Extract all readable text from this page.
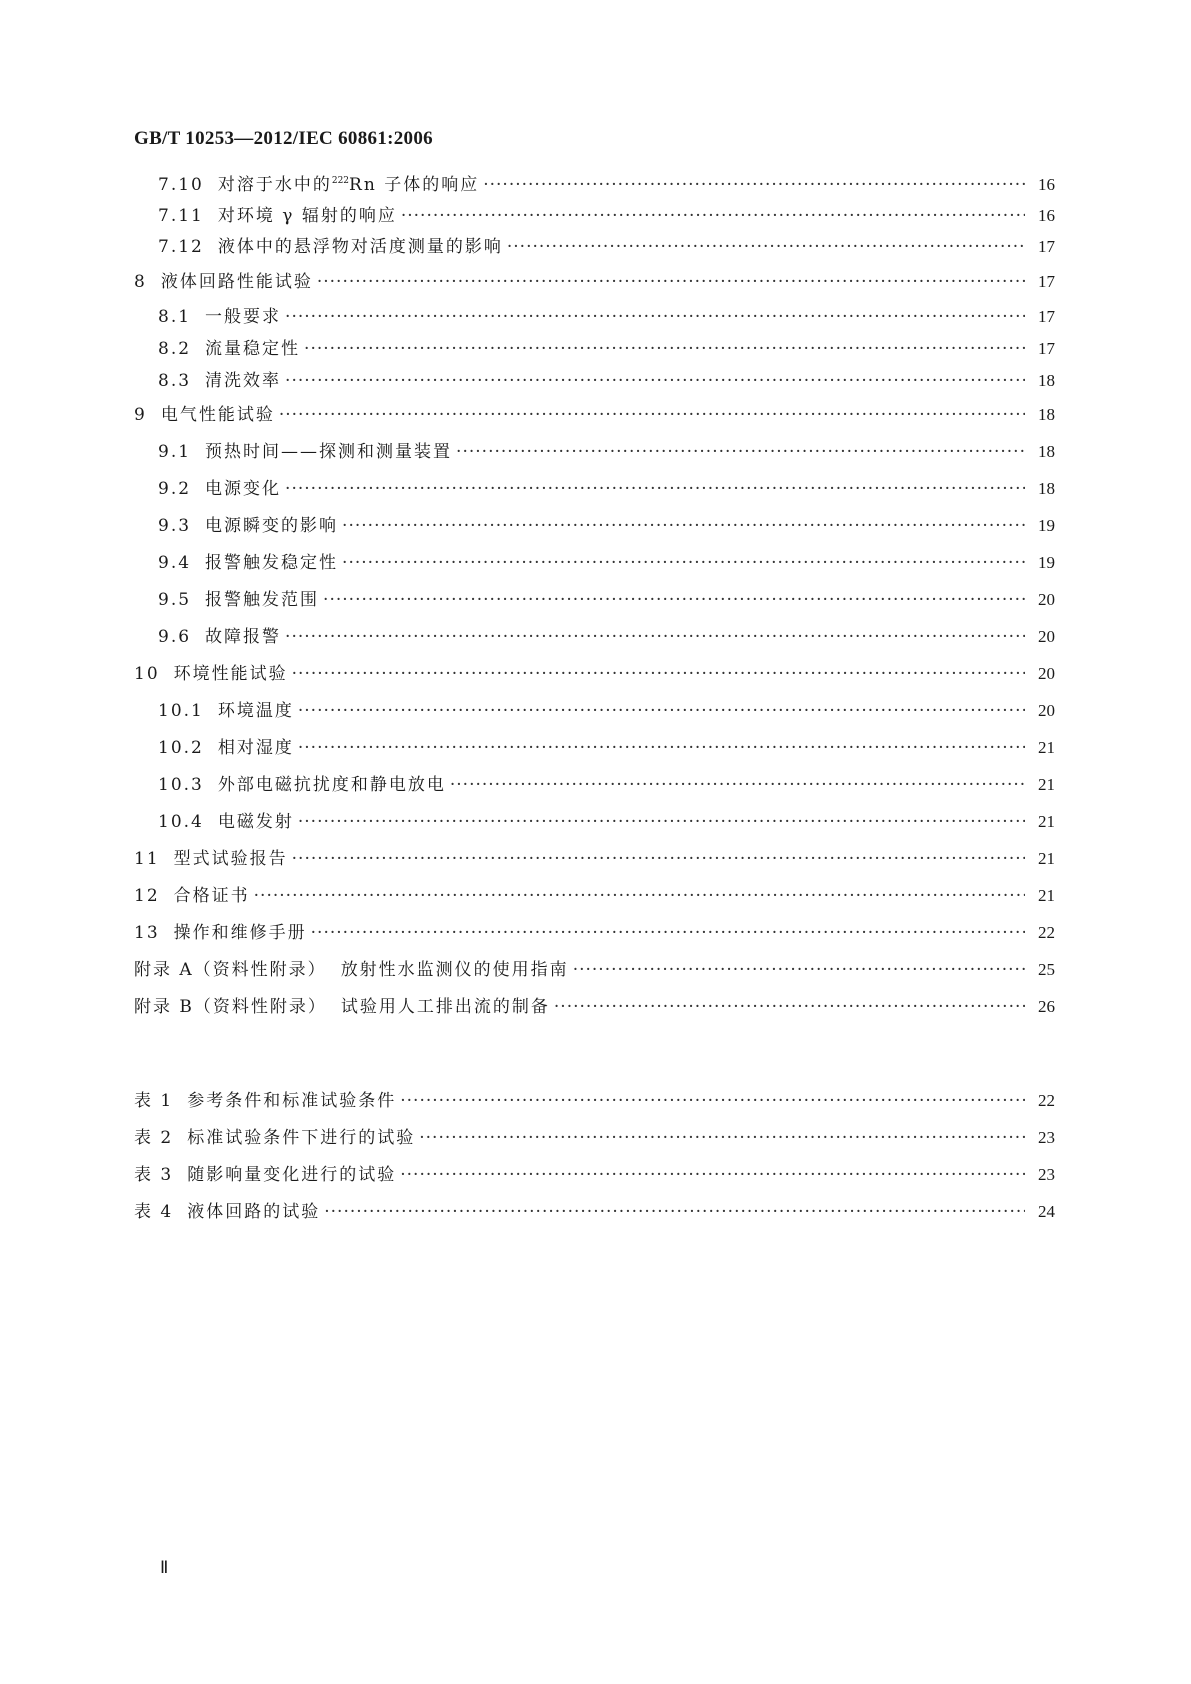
GB/T 10253—2012/IEC 60861:2006
7.10 对溶于水中的$^{222}$Rn 子体的响应 ·····	16
7.11 对环境 γ 辐射的响应 ·····	16
7.12 液体中的悬浮物对活度测量的影响 ·····	17
8 液体回路性能试验 ·····	17
8.1 一般要求 ·····	17
8.2 流量稳定性 ·····	17
8.3 清洗效率 ·····	18
9 电气性能试验 ·····	18
9.1 预热时间——探测和测量装置 ·····	18
9.2 电源变化 ·····	18
9.3 电源瞬变的影响 ·····	19
9.4 报警触发稳定性 ·····	19
9.5 报警触发范围 ·····	20
9.6 故障报警 ·····	20
10 环境性能试验 ·····	20
10.1 环境温度 ·····	20
10.2 相对湿度 ·····	21
10.3 外部电磁抗扰度和静电放电 ·····	21
10.4 电磁发射 ·····	21
11 型式试验报告 ·····	21
12 合格证书 ·····	21
13 操作和维修手册 ·····	22
附录 A（资料性附录） 放射性水监测仪的使用指南 ·····	25
附录 B（资料性附录） 试验用人工排出流的制备 ·····	26
表 1 参考条件和标准试验条件 ·····	22
表 2 标准试验条件下进行的试验 ·····	23
表 3 随影响量变化进行的试验 ·····	23
表 4 液体回路的试验 ·····	24
Ⅱ
